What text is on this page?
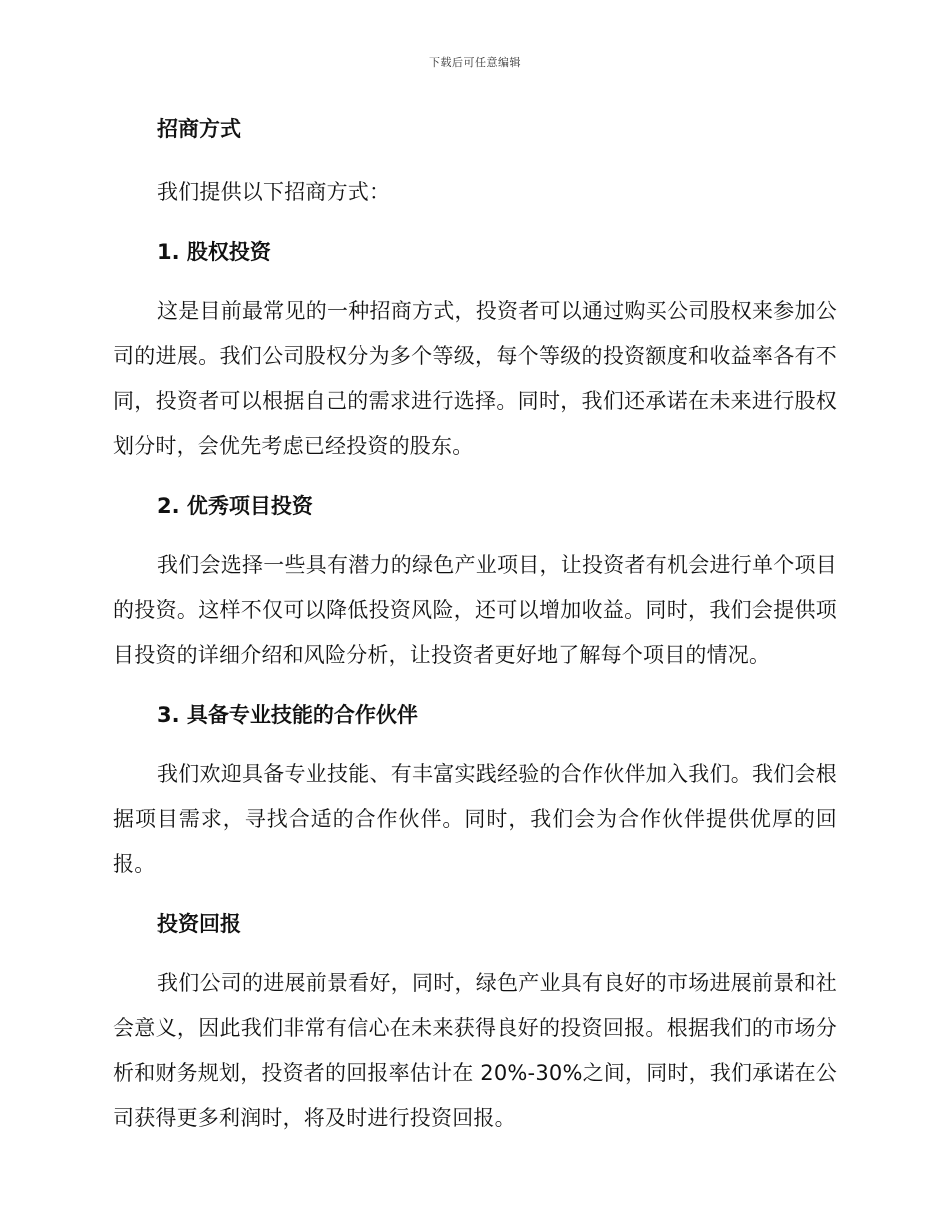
下载后可任意编辑
招商方式

我们提供以下招商方式：

1. 股权投资

这是目前最常见的一种招商方式，投资者可以通过购买公司股权来参加公司的进展。我们公司股权分为多个等级，每个等级的投资额度和收益率各有不同，投资者可以根据自己的需求进行选择。同时，我们还承诺在未来进行股权划分时，会优先考虑已经投资的股东。

2. 优秀项目投资

我们会选择一些具有潜力的绿色产业项目，让投资者有机会进行单个项目的投资。这样不仅可以降低投资风险，还可以增加收益。同时，我们会提供项目投资的详细介绍和风险分析，让投资者更好地了解每个项目的情况。

3. 具备专业技能的合作伙伴

我们欢迎具备专业技能、有丰富实践经验的合作伙伴加入我们。我们会根据项目需求，寻找合适的合作伙伴。同时，我们会为合作伙伴提供优厚的回报。

投资回报

我们公司的进展前景看好，同时，绿色产业具有良好的市场进展前景和社会意义，因此我们非常有信心在未来获得良好的投资回报。根据我们的市场分析和财务规划，投资者的回报率估计在 20%-30%之间，同时，我们承诺在公司获得更多利润时，将及时进行投资回报。
